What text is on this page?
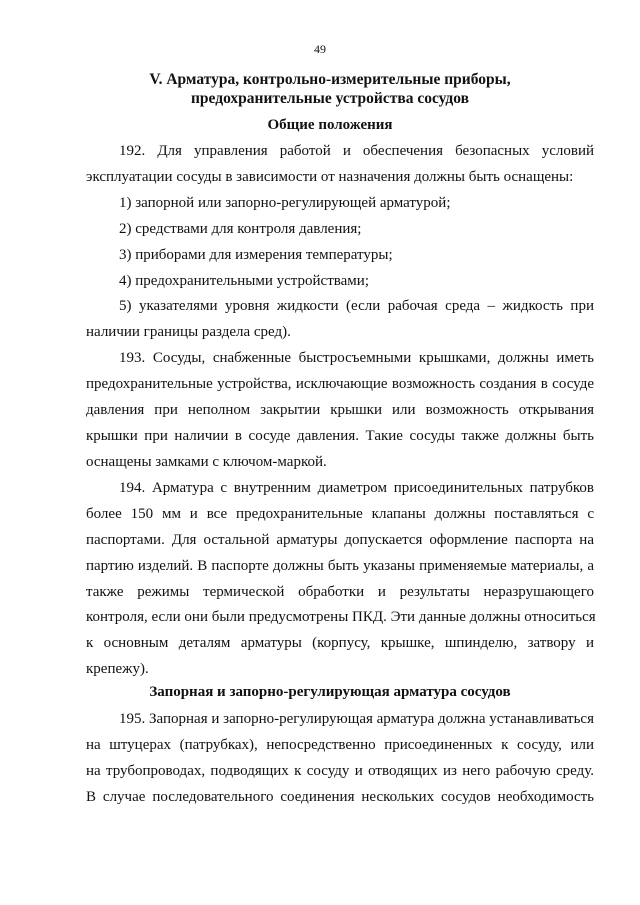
49
V. Арматура, контрольно-измерительные приборы,
предохранительные устройства сосудов
Общие положения
192. Для управления работой и обеспечения безопасных условий
эксплуатации сосуды в зависимости от назначения должны быть оснащены:
1) запорной или запорно-регулирующей арматурой;
2) средствами для контроля давления;
3) приборами для измерения температуры;
4) предохранительными устройствами;
5) указателями уровня жидкости (если рабочая среда – жидкость при
наличии границы раздела сред).
193. Сосуды, снабженные быстросъемными крышками, должны иметь
предохранительные устройства, исключающие возможность создания в сосуде
давления при неполном закрытии крышки или возможность открывания
крышки при наличии в сосуде давления. Такие сосуды также должны быть
оснащены замками с ключом-маркой.
194. Арматура с внутренним диаметром присоединительных патрубков
более 150 мм и все предохранительные клапаны должны поставляться с
паспортами. Для остальной арматуры допускается оформление паспорта на
партию изделий. В паспорте должны быть указаны применяемые материалы, а
также режимы термической обработки и результаты неразрушающего
контроля, если они были предусмотрены ПКД. Эти данные должны относиться
к основным деталям арматуры (корпусу, крышке, шпинделю, затвору и
крепежу).
Запорная и запорно-регулирующая арматура сосудов
195. Запорная и запорно-регулирующая арматура должна устанавливаться
на штуцерах (патрубках), непосредственно присоединенных к сосуду, или
на трубопроводах, подводящих к сосуду и отводящих из него рабочую среду.
В случае последовательного соединения нескольких сосудов необходимость
